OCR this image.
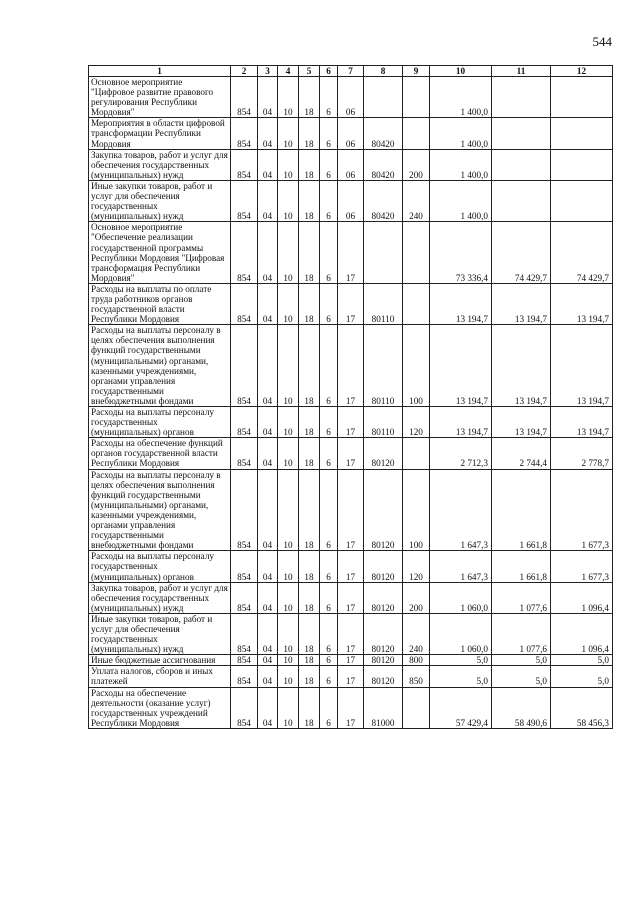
544
1	2	3	4	5	6	7	8	9	10	11	12
Основное мероприятие "Цифровое развитие правового регулирования Республики Мордовия"	854	04	10	18	6	06			1 400,0		
Мероприятия в области цифровой трансформации Республики Мордовия	854	04	10	18	6	06	80420		1 400,0		
Закупка товаров, работ и услуг для обеспечения государственных (муниципальных) нужд	854	04	10	18	6	06	80420	200	1 400,0		
Иные закупки товаров, работ и услуг для обеспечения государственных (муниципальных) нужд	854	04	10	18	6	06	80420	240	1 400,0		
Основное мероприятие "Обеспечение реализации государственной программы Республики Мордовия "Цифровая трансформация Республики Мордовия"	854	04	10	18	6	17			73 336,4	74 429,7	74 429,7
Расходы на выплаты по оплате труда работников органов государственной власти Республики Мордовия	854	04	10	18	6	17	80110		13 194,7	13 194,7	13 194,7
Расходы на выплаты персоналу в целях обеспечения выполнения функций государственными (муниципальными) органами, казенными учреждениями, органами управления государственными внебюджетными фондами	854	04	10	18	6	17	80110	100	13 194,7	13 194,7	13 194,7
Расходы на выплаты персоналу государственных (муниципальных) органов	854	04	10	18	6	17	80110	120	13 194,7	13 194,7	13 194,7
Расходы на обеспечение функций органов государственной власти Республики Мордовия	854	04	10	18	6	17	80120		2 712,3	2 744,4	2 778,7
Расходы на выплаты персоналу в целях обеспечения выполнения функций государственными (муниципальными) органами, казенными учреждениями, органами управления государственными внебюджетными фондами	854	04	10	18	6	17	80120	100	1 647,3	1 661,8	1 677,3
Расходы на выплаты персоналу государственных (муниципальных) органов	854	04	10	18	6	17	80120	120	1 647,3	1 661,8	1 677,3
Закупка товаров, работ и услуг для обеспечения государственных (муниципальных) нужд	854	04	10	18	6	17	80120	200	1 060,0	1 077,6	1 096,4
Иные закупки товаров, работ и услуг для обеспечения государственных (муниципальных) нужд	854	04	10	18	6	17	80120	240	1 060,0	1 077,6	1 096,4
Иные бюджетные ассигнования	854	04	10	18	6	17	80120	800	5,0	5,0	5,0
Уплата налогов, сборов и иных платежей	854	04	10	18	6	17	80120	850	5,0	5,0	5,0
Расходы на обеспечение деятельности (оказание услуг) государственных учреждений Республики Мордовия	854	04	10	18	6	17	81000		57 429,4	58 490,6	58 456,3
